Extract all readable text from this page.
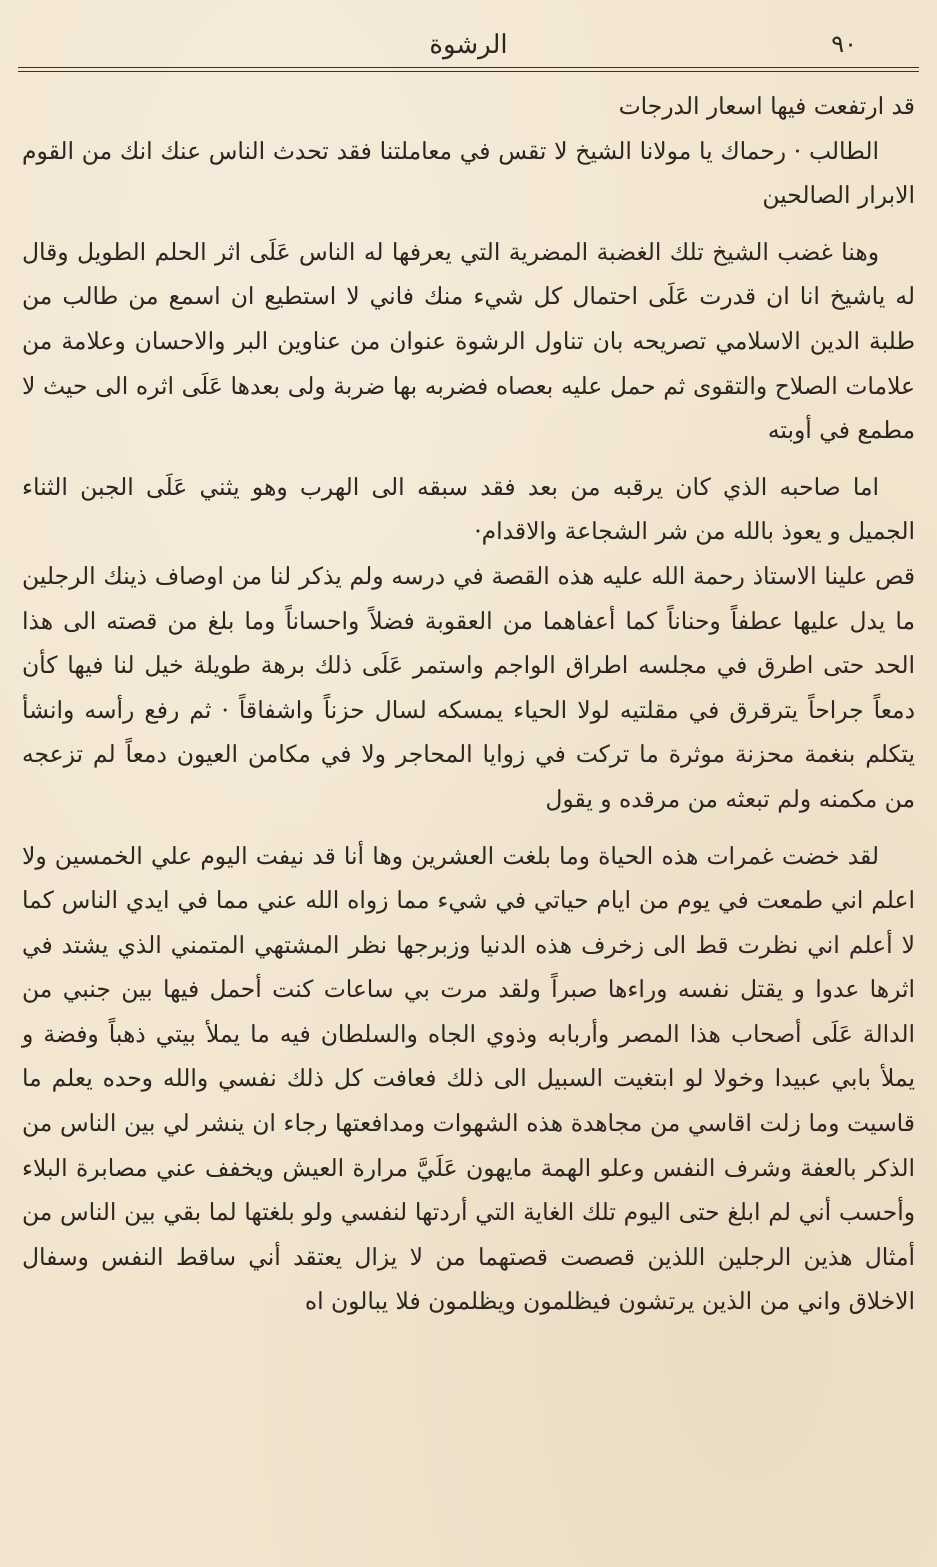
٩٠
الرشوة

قد ارتفعت فيها اسعار الدرجات

الطالب · رحماك يا مولانا الشيخ لا تقس في معاملتنا فقد تحدث الناس عنك انك من القوم الابرار الصالحين

وهنا غضب الشيخ تلك الغضبة المضرية التي يعرفها له الناس عَلَى اثر الحلم الطويل وقال له ياشيخ انا ان قدرت عَلَى احتمال كل شيء منك فاني لا استطيع ان اسمع من طالب من طلبة الدين الاسلامي تصريحه بان تناول الرشوة عنوان من عناوين البر والاحسان وعلامة من علامات الصلاح والتقوى ثم حمل عليه بعصاه فضربه بها ضربة ولى بعدها عَلَى اثره الى حيث لا مطمع في أوبته

اما صاحبه الذي كان يرقبه من بعد فقد سبقه الى الهرب وهو يثني عَلَى الجبن الثناء الجميل و يعوذ بالله من شر الشجاعة والاقدام·

قص علينا الاستاذ رحمة الله عليه هذه القصة في درسه ولم يذكر لنا من اوصاف ذينك الرجلين ما يدل عليها عطفاً وحناناً كما أعفاهما من العقوبة فضلاً واحساناً وما بلغ من قصته الى هذا الحد حتى اطرق في مجلسه اطراق الواجم واستمر عَلَى ذلك برهة طويلة خيل لنا فيها كأن دمعاً جراحاً يترقرق في مقلتيه لولا الحياء يمسكه لسال حزناً واشفاقاً · ثم رفع رأسه وانشأ يتكلم بنغمة محزنة موثرة ما تركت في زوايا المحاجر ولا في مكامن العيون دمعاً لم تزعجه من مكمنه ولم تبعثه من مرقده و يقول

لقد خضت غمرات هذه الحياة وما بلغت العشرين وها أنا قد نيفت اليوم علي الخمسين ولا اعلم اني طمعت في يوم من ايام حياتي في شيء مما زواه الله عني مما في ايدي الناس كما لا أعلم اني نظرت قط الى زخرف هذه الدنيا وزبرجها نظر المشتهي المتمني الذي يشتد في اثرها عدوا و يقتل نفسه وراءها صبراً ولقد مرت بي ساعات كنت أحمل فيها بين جنبي من الدالة عَلَى أصحاب هذا المصر وأربابه وذوي الجاه والسلطان فيه ما يملأ بيتي ذهباً وفضة و يملأ بابي عبيدا وخولا لو ابتغيت السبيل الى ذلك فعافت كل ذلك نفسي والله وحده يعلم ما قاسيت وما زلت اقاسي من مجاهدة هذه الشهوات ومدافعتها رجاء ان ينشر لي بين الناس من الذكر بالعفة وشرف النفس وعلو الهمة مايهون عَلَيَّ مرارة العيش ويخفف عني مصابرة البلاء وأحسب أني لم ابلغ حتى اليوم تلك الغاية التي أردتها لنفسي ولو بلغتها لما بقي بين الناس من أمثال هذين الرجلين اللذين قصصت قصتهما من لا يزال يعتقد أني ساقط النفس وسفال الاخلاق واني من الذين يرتشون فيظلمون ويظلمون فلا يبالون اه
